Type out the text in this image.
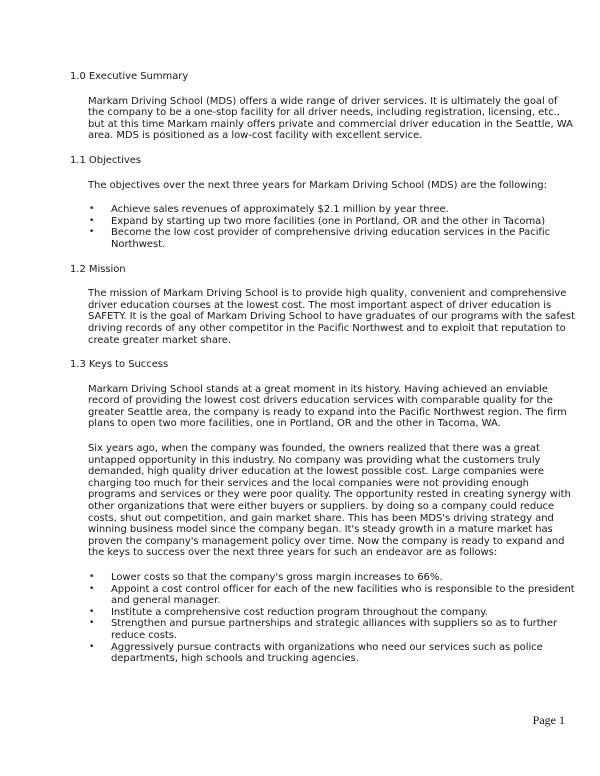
1.0 Executive Summary

Markam Driving School (MDS) offers a wide range of driver services. It is ultimately the goal of the company to be a one-stop facility for all driver needs, including registration, licensing, etc., but at this time Markam mainly offers private and commercial driver education in the Seattle, WA area. MDS is positioned as a low-cost facility with excellent service.

1.1 Objectives

The objectives over the next three years for Markam Driving School (MDS) are the following:

• Achieve sales revenues of approximately $2.1 million by year three.
• Expand by starting up two more facilities (one in Portland, OR and the other in Tacoma)
• Become the low cost provider of comprehensive driving education services in the Pacific Northwest.
1.2 Mission

The mission of Markam Driving School is to provide high quality, convenient and comprehensive driver education courses at the lowest cost. The most important aspect of driver education is SAFETY. It is the goal of Markam Driving School to have graduates of our programs with the safest driving records of any other competitor in the Pacific Northwest and to exploit that reputation to create greater market share.

1.3 Keys to Success

Markam Driving School stands at a great moment in its history. Having achieved an enviable record of providing the lowest cost drivers education services with comparable quality for the greater Seattle area, the company is ready to expand into the Pacific Northwest region. The firm plans to open two more facilities, one in Portland, OR and the other in Tacoma, WA.

Six years ago, when the company was founded, the owners realized that there was a great untapped opportunity in this industry. No company was providing what the customers truly demanded, high quality driver education at the lowest possible cost. Large companies were charging too much for their services and the local companies were not providing enough programs and services or they were poor quality. The opportunity rested in creating synergy with other organizations that were either buyers or suppliers. by doing so a company could reduce costs, shut out competition, and gain market share. This has been MDS's driving strategy and winning business model since the company began. It's steady growth in a mature market has proven the company's management policy over time. Now the company is ready to expand and the keys to success over the next three years for such an endeavor are as follows:

• Lower costs so that the company's gross margin increases to 66%.
• Appoint a cost control officer for each of the new facilities who is responsible to the president and general manager.
• Institute a comprehensive cost reduction program throughout the company.
• Strengthen and pursue partnerships and strategic alliances with suppliers so as to further reduce costs.
• Aggressively pursue contracts with organizations who need our services such as police departments, high schools and trucking agencies.
Page 1
